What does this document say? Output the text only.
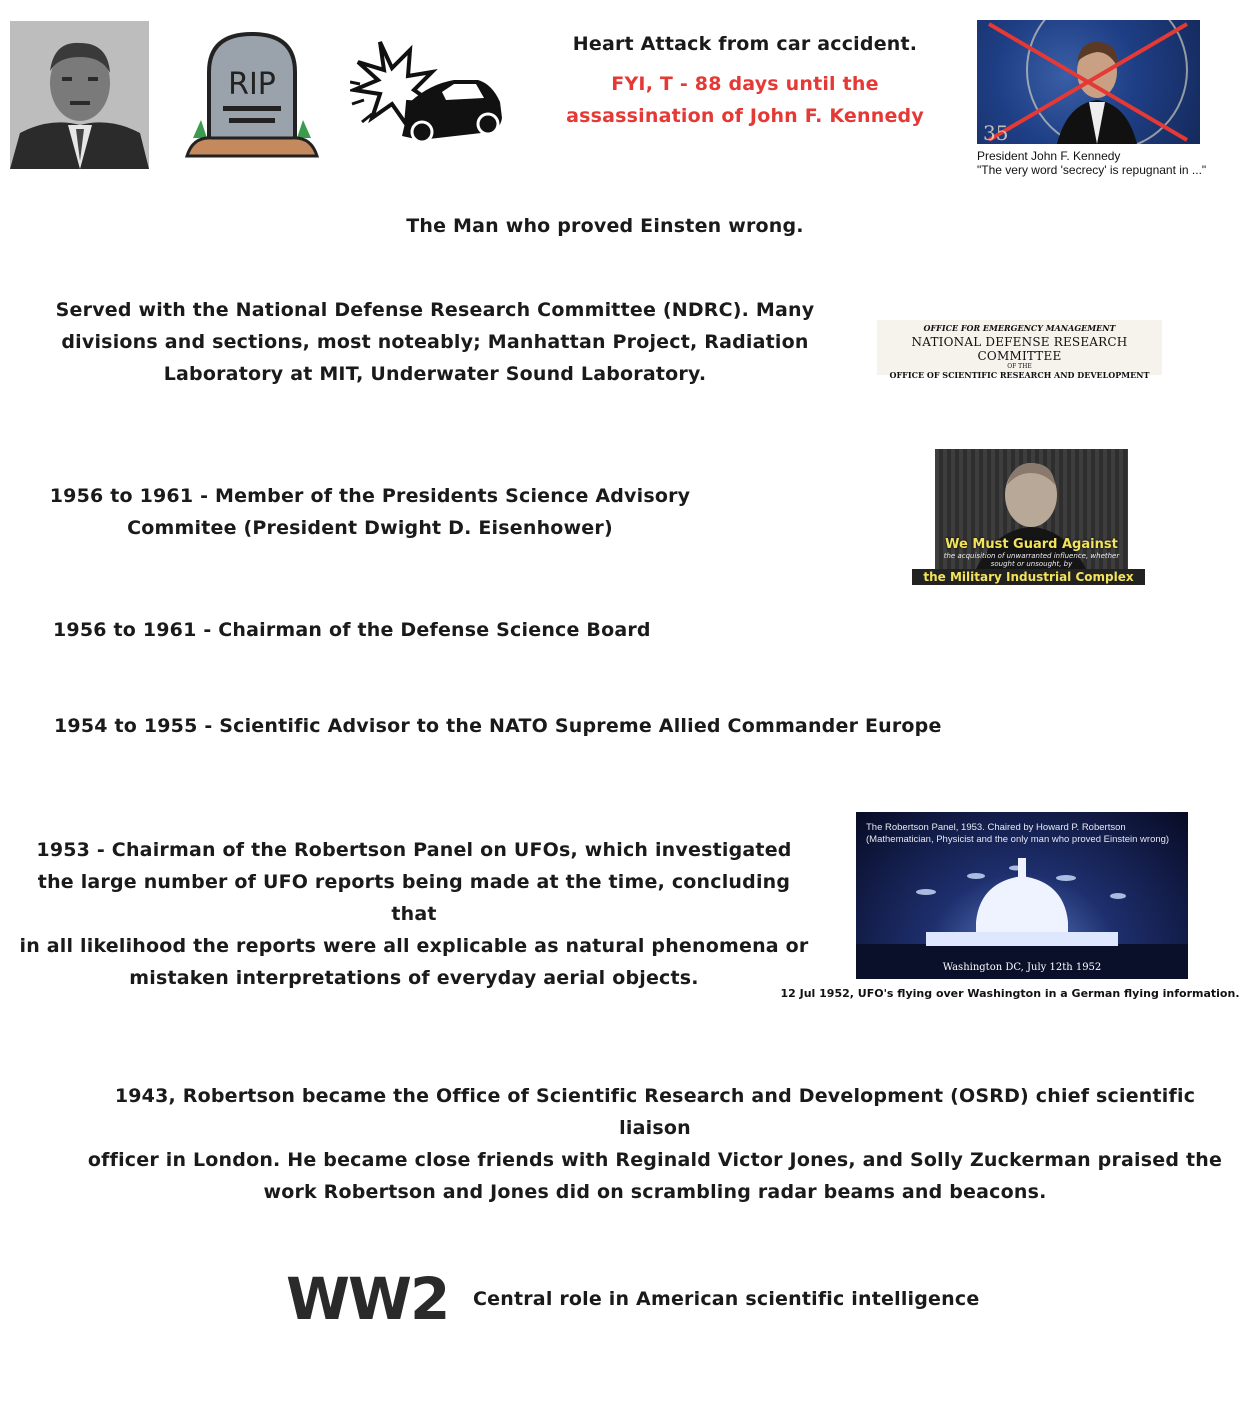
RIP
Heart Attack from car accident.
FYI, T - 88 days until the
assassination of John F. Kennedy
35
President John F. Kennedy
"The very word 'secrecy' is repugnant in ..."
The Man who proved Einsten wrong.
Served with the National Defense Research Committee (NDRC). Many
divisions and sections, most noteably; Manhattan Project, Radiation
Laboratory at MIT, Underwater Sound Laboratory.
OFFICE FOR EMERGENCY MANAGEMENT
NATIONAL DEFENSE RESEARCH COMMITTEE
OF THE
OFFICE OF SCIENTIFIC RESEARCH AND DEVELOPMENT
1956 to 1961 - Member of the Presidents Science Advisory
Commitee (President Dwight D. Eisenhower)
We Must Guard Against
the acquisition of unwarranted influence, whether sought or unsought, by
the Military Industrial Complex
1956 to 1961 - Chairman of the Defense Science Board
1954 to 1955 - Scientific Advisor to the NATO Supreme Allied Commander Europe
1953 - Chairman of the Robertson Panel on UFOs, which investigated
the large number of UFO reports being made at the time, concluding that
in all likelihood the reports were all explicable as natural phenomena or
mistaken interpretations of everyday aerial objects.
The Robertson Panel, 1953. Chaired by Howard P. Robertson (Mathematician, Physicist and the only man who proved Einstein wrong)
Washington DC, July 12th 1952
12 Jul 1952, UFO's flying over Washington in a German flying information.
1943, Robertson became the Office of Scientific Research and Development (OSRD) chief scientific liaison
officer in London. He became close friends with Reginald Victor Jones, and Solly Zuckerman praised the
work Robertson and Jones did on scrambling radar beams and beacons.
WW2 Central role in American scientific intelligence
